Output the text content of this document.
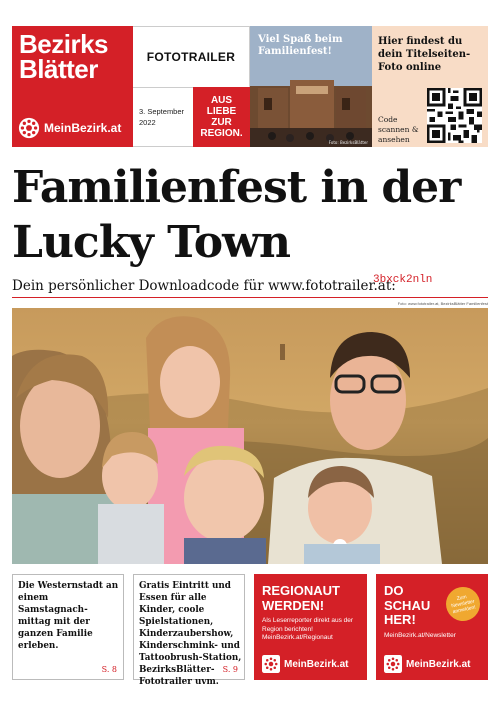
Bezirks
Blätter
MeinBezirk.at
FOTOTRAILER
3. September 2022
AUS LIEBE ZUR REGION.
Viel Spaß beim Familienfest!
Foto: BezirksBlätter
Hier findest du dein Titelseiten-Foto online
Code scannen & ansehen
Familienfest in der Lucky Town
Dein persönlicher Downloadcode für www.fototrailer.at:
3bxck2nln
Foto: www.fototrailer.at, BezirksBlätter Familienfest
Die Westernstadt an einem Samstagnach-mittag mit der ganzen Familie erleben.
S. 8
Gratis Eintritt und Essen für alle Kinder, coole Spielstationen, Kinderzaubershow, Kinderschmink- und Tattoobrush-Station, BezirksBlätter-Fototrailer uvm.
S. 9
REGIONAUT WERDEN!
Als Leserreporter direkt aus der Region berichten! MeinBezirk.at/Regionaut
MeinBezirk.at
DO SCHAU HER!
Zum Newsletter anmelden!
MeinBezirk.at/Newsletter
MeinBezirk.at
